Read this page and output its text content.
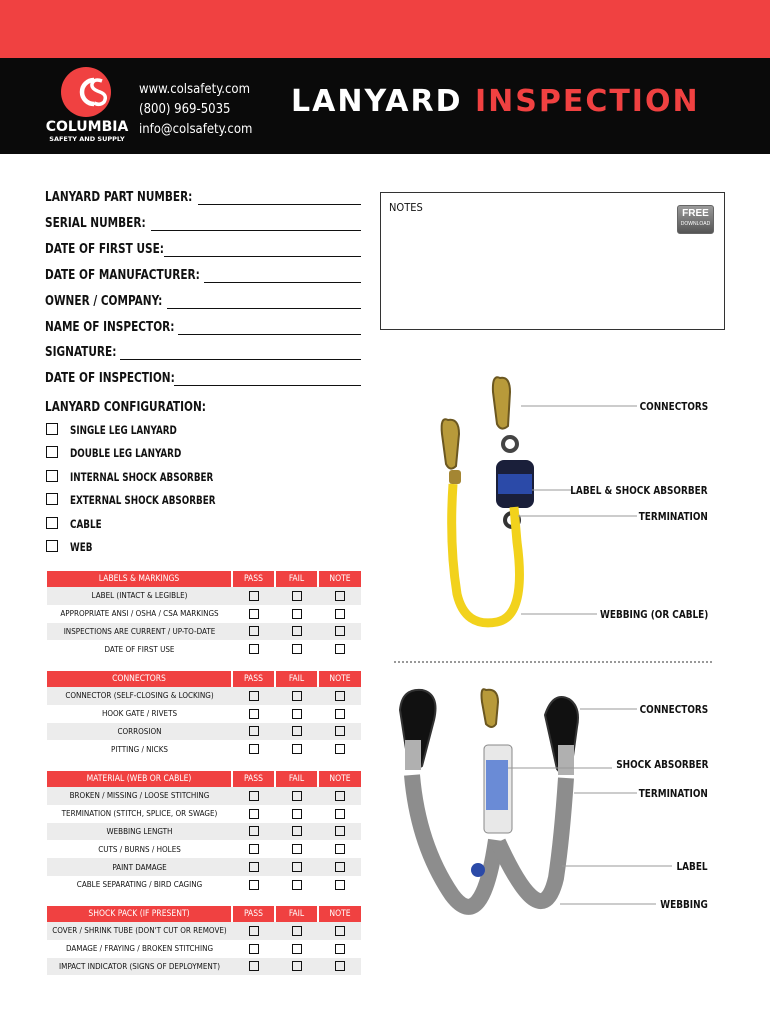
COLUMBIA
SAFETY AND SUPPLY
www.colsafety.com
(800) 969-5035
info@colsafety.com
LANYARD INSPECTION
LANYARD PART NUMBER:
SERIAL NUMBER:
DATE OF FIRST USE:
DATE OF MANUFACTURER:
OWNER / COMPANY:
NAME OF INSPECTOR:
SIGNATURE:
DATE OF INSPECTION:
NOTES	FREE
DOWNLOAD
LANYARD CONFIGURATION:
SINGLE LEG LANYARD
DOUBLE LEG LANYARD
INTERNAL SHOCK ABSORBER
EXTERNAL SHOCK ABSORBER
CABLE
WEB
LABELS & MARKINGS	PASS	FAIL	NOTE
LABEL (INTACT & LEGIBLE)			
APPROPRIATE ANSI / OSHA / CSA MARKINGS			
INSPECTIONS ARE CURRENT / UP-TO-DATE			
DATE OF FIRST USE			
CONNECTORS	PASS	FAIL	NOTE
CONNECTOR (SELF-CLOSING & LOCKING)			
HOOK GATE / RIVETS			
CORROSION			
PITTING / NICKS			
MATERIAL (WEB OR CABLE)	PASS	FAIL	NOTE
BROKEN / MISSING / LOOSE STITCHING			
TERMINATION (STITCH, SPLICE, OR SWAGE)			
WEBBING LENGTH			
CUTS / BURNS / HOLES			
PAINT DAMAGE			
CABLE SEPARATING / BIRD CAGING			
SHOCK PACK (IF PRESENT)	PASS	FAIL	NOTE
COVER / SHRINK TUBE (DON'T CUT OR REMOVE)			
DAMAGE / FRAYING / BROKEN STITCHING			
IMPACT INDICATOR (SIGNS OF DEPLOYMENT)			
CONNECTORS
LABEL & SHOCK ABSORBER
TERMINATION
WEBBING (OR CABLE)
CONNECTORS
SHOCK ABSORBER
TERMINATION
LABEL
WEBBING
